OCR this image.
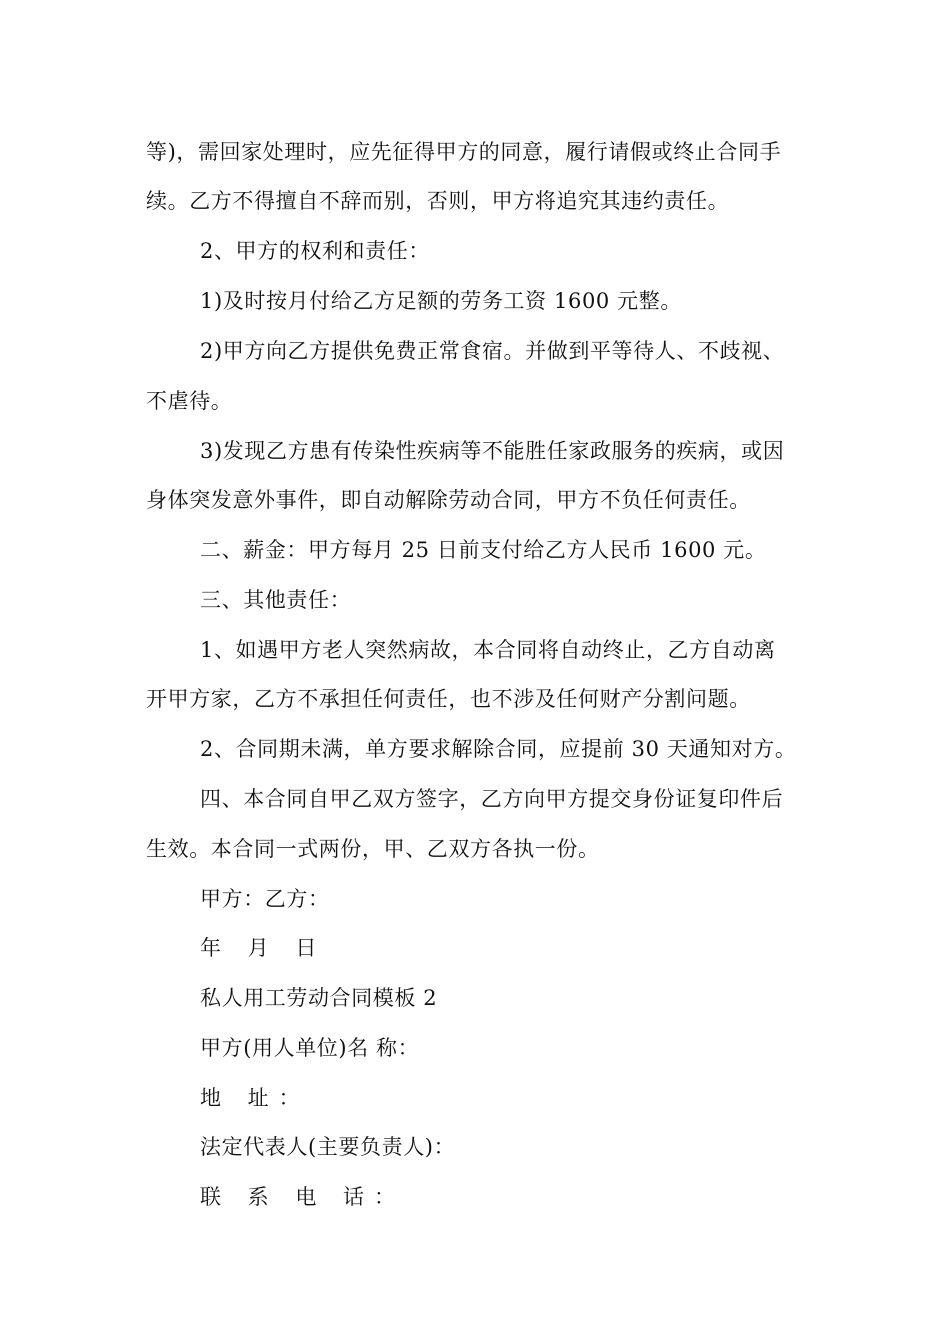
等)，需回家处理时，应先征得甲方的同意，履行请假或终止合同手
续。乙方不得擅自不辞而别，否则，甲方将追究其违约责任。
2、甲方的权利和责任：
1)及时按月付给乙方足额的劳务工资 1600 元整。
2)甲方向乙方提供免费正常食宿。并做到平等待人、不歧视、
不虐待。
3)发现乙方患有传染性疾病等不能胜任家政服务的疾病，或因
身体突发意外事件，即自动解除劳动合同，甲方不负任何责任。
二、薪金：甲方每月 25 日前支付给乙方人民币 1600 元。
三、其他责任：
1、如遇甲方老人突然病故，本合同将自动终止，乙方自动离
开甲方家，乙方不承担任何责任，也不涉及任何财产分割问题。
2、合同期未满，单方要求解除合同，应提前 30 天通知对方。
四、本合同自甲乙双方签字，乙方向甲方提交身份证复印件后
生效。本合同一式两份，甲、乙双方各执一份。
甲方：乙方：
年 月 日
私人用工劳动合同模板 2
甲方(用人单位)名 称：
地 址：
法定代表人(主要负责人)：
联 系 电 话：
